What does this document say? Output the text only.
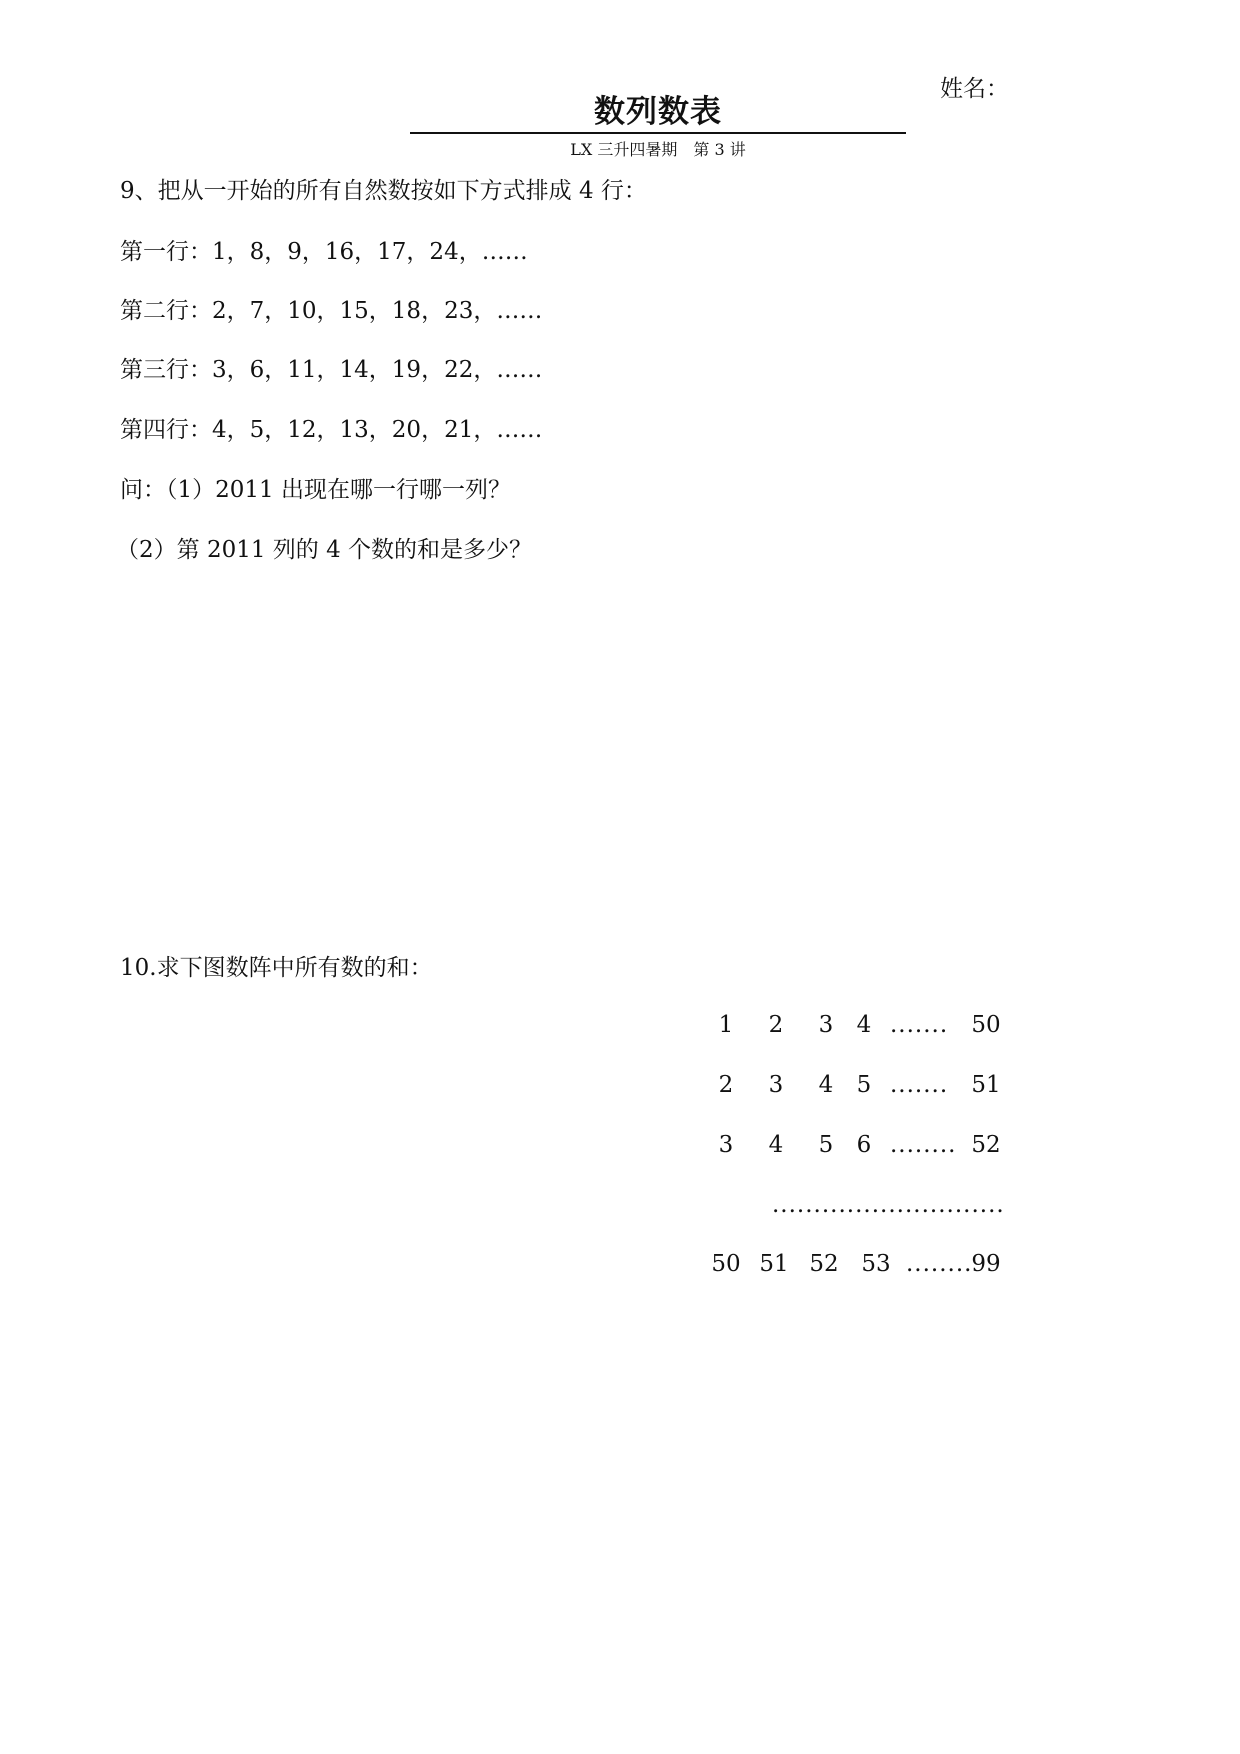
姓名：
数列数表
LX 三升四暑期 第 3 讲
9、把从一开始的所有自然数按如下方式排成 4 行：
第一行：1，8，9，16，17，24，……
第二行：2，7，10，15，18，23，……
第三行：3，6，11，14，19，22，……
第四行：4，5，12，13，20，21，……
问：（1）2011 出现在哪一行哪一列？
（2）第 2011 列的 4 个数的和是多少？
10.求下图数阵中所有数的和：
1 2 3 4 ....... 50
2 3 4 5 ....... 51
3 4 5 6 ........ 52
............................
50 51 52 53 ........
99
